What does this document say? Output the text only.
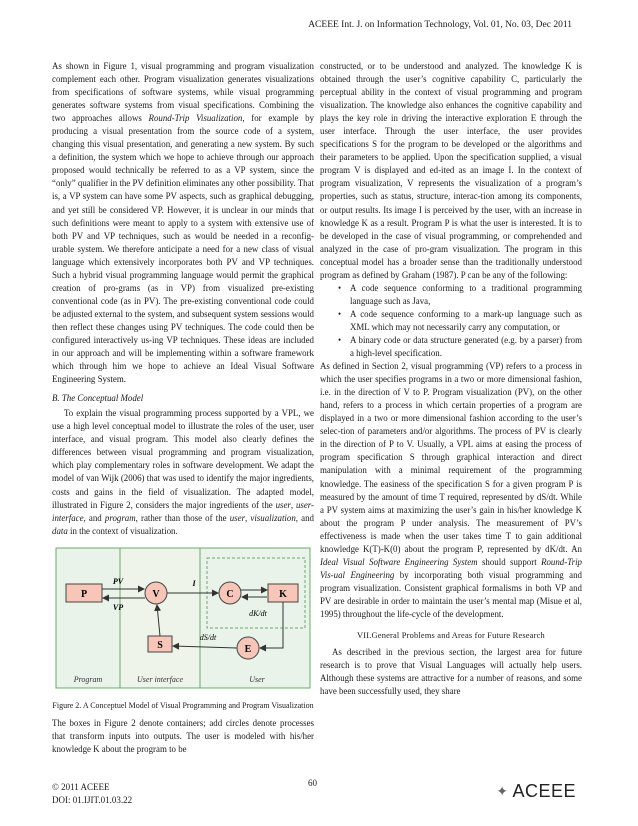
ACEEE Int. J. on Information Technology, Vol. 01, No. 03, Dec 2011

As shown in Figure 1, visual programming and program visualization complement each other. Program visualization generates visualizations from specifications of software systems, while visual programming generates software systems from visual specifications. Combining the two approaches allows Round-Trip Visualization, for example by producing a visual presentation from the source code of a system, changing this visual presentation, and generating a new system. By such a definition, the system which we hope to achieve through our approach proposed would technically be referred to as a VP system, since the “only” qualifier in the PV definition eliminates any other possibility. That is, a VP system can have some PV aspects, such as graphical debugging, and yet still be considered VP. However, it is unclear in our minds that such definitions were meant to apply to a system with extensive use of both PV and VP techniques, such as would be needed in a reconfig-urable system. We therefore anticipate a need for a new class of visual language which extensively incorporates both PV and VP techniques. Such a hybrid visual programming language would permit the graphical creation of pro-grams (as in VP) from visualized pre-existing conventional code (as in PV). The pre-existing conventional code could be adjusted external to the system, and subsequent system sessions would then reflect these changes using PV techniques. The code could then be configured interactively us-ing VP techniques. These ideas are included in our approach and will be implementing within a software framework which through him we hope to achieve an Ideal Visual Software Engineering System.

B. The Conceptual Model

To explain the visual programming process supported by a VPL, we use a high level conceptual model to illustrate the roles of the user, user interface, and visual program. This model also clearly defines the differences between visual programming and program visualization, which play complementary roles in software development. We adapt the model of van Wijk (2006) that was used to identify the major ingredients, costs and gains in the field of visualization. The adapted model, illustrated in Figure 2, considers the major ingredients of the user, user-interface, and program, rather than those of the user, visualization, and data in the context of visualization.

Program	User interface	User
P	V	C	K
S	E
PV
VP
I
dK/dt
dS/dt

Figure 2. A Conceptuel Model of Visual Programming and Program Visualization

The boxes in Figure 2 denote containers; add circles denote processes that transform inputs into outputs. The user is modeled with his/her knowledge K about the program to be

constructed, or to be understood and analyzed. The knowledge K is obtained through the user’s cognitive capability C, particularly the perceptual ability in the context of visual programming and program visualization. The knowledge also enhances the cognitive capability and plays the key role in driving the interactive exploration E through the user interface. Through the user interface, the user provides specifications S for the program to be developed or the algorithms and their parameters to be applied. Upon the specification supplied, a visual program V is displayed and ed-ited as an image I. In the context of program visualization, V represents the visualization of a program’s properties, such as status, structure, interac-tion among its components, or output results. Its image I is perceived by the user, with an increase in knowledge K as a result. Program P is what the user is interested. It is to be developed in the case of visual programming, or comprehended and analyzed in the case of pro-gram visualization. The program in this conceptual model has a broader sense than the traditionally understood program as defined by Graham (1987). P can be any of the following:

• A code sequence conforming to a traditional programming language such as Java,
• A code sequence conforming to a mark-up language such as XML which may not necessarily carry any computation, or
• A binary code or data structure generated (e.g. by a parser) from a high-level specification.

As defined in Section 2, visual programming (VP) refers to a process in which the user specifies programs in a two or more dimensional fashion, i.e. in the direction of V to P. Program visualization (PV), on the other hand, refers to a process in which certain properties of a program are displayed in a two or more dimensional fashion according to the user’s selec-tion of parameters and/or algorithms. The process of PV is clearly in the direction of P to V. Usually, a VPL aims at easing the process of program specification S through graphical interaction and direct manipulation with a minimal requirement of the programming knowledge. The easiness of the specification S for a given program P is measured by the amount of time T required, represented by dS/dt. While a PV system aims at maximizing the user’s gain in his/her knowledge K about the program P under analysis. The measurement of PV’s effectiveness is made when the user takes time T to gain additional knowledge K(T)-K(0) about the program P, represented by dK/dt. An Ideal Visual Software Engineering System should support Round-Trip Vis-ual Engineering by incorporating both visual programming and program visualization. Consistent graphical formalisms in both VP and PV are desirable in order to maintain the user’s mental map (Misue et al, 1995) throughout the life-cycle of the development.

VII.General Problems and Areas for Future Research

As described in the previous section, the largest area for future research is to prove that Visual Languages will actually help users. Although these systems are attractive for a number of reasons, and some have been successfully used, they share

© 2011 ACEEE
DOI: 01.IJIT.01.03.22
60	✦ ACEEE
